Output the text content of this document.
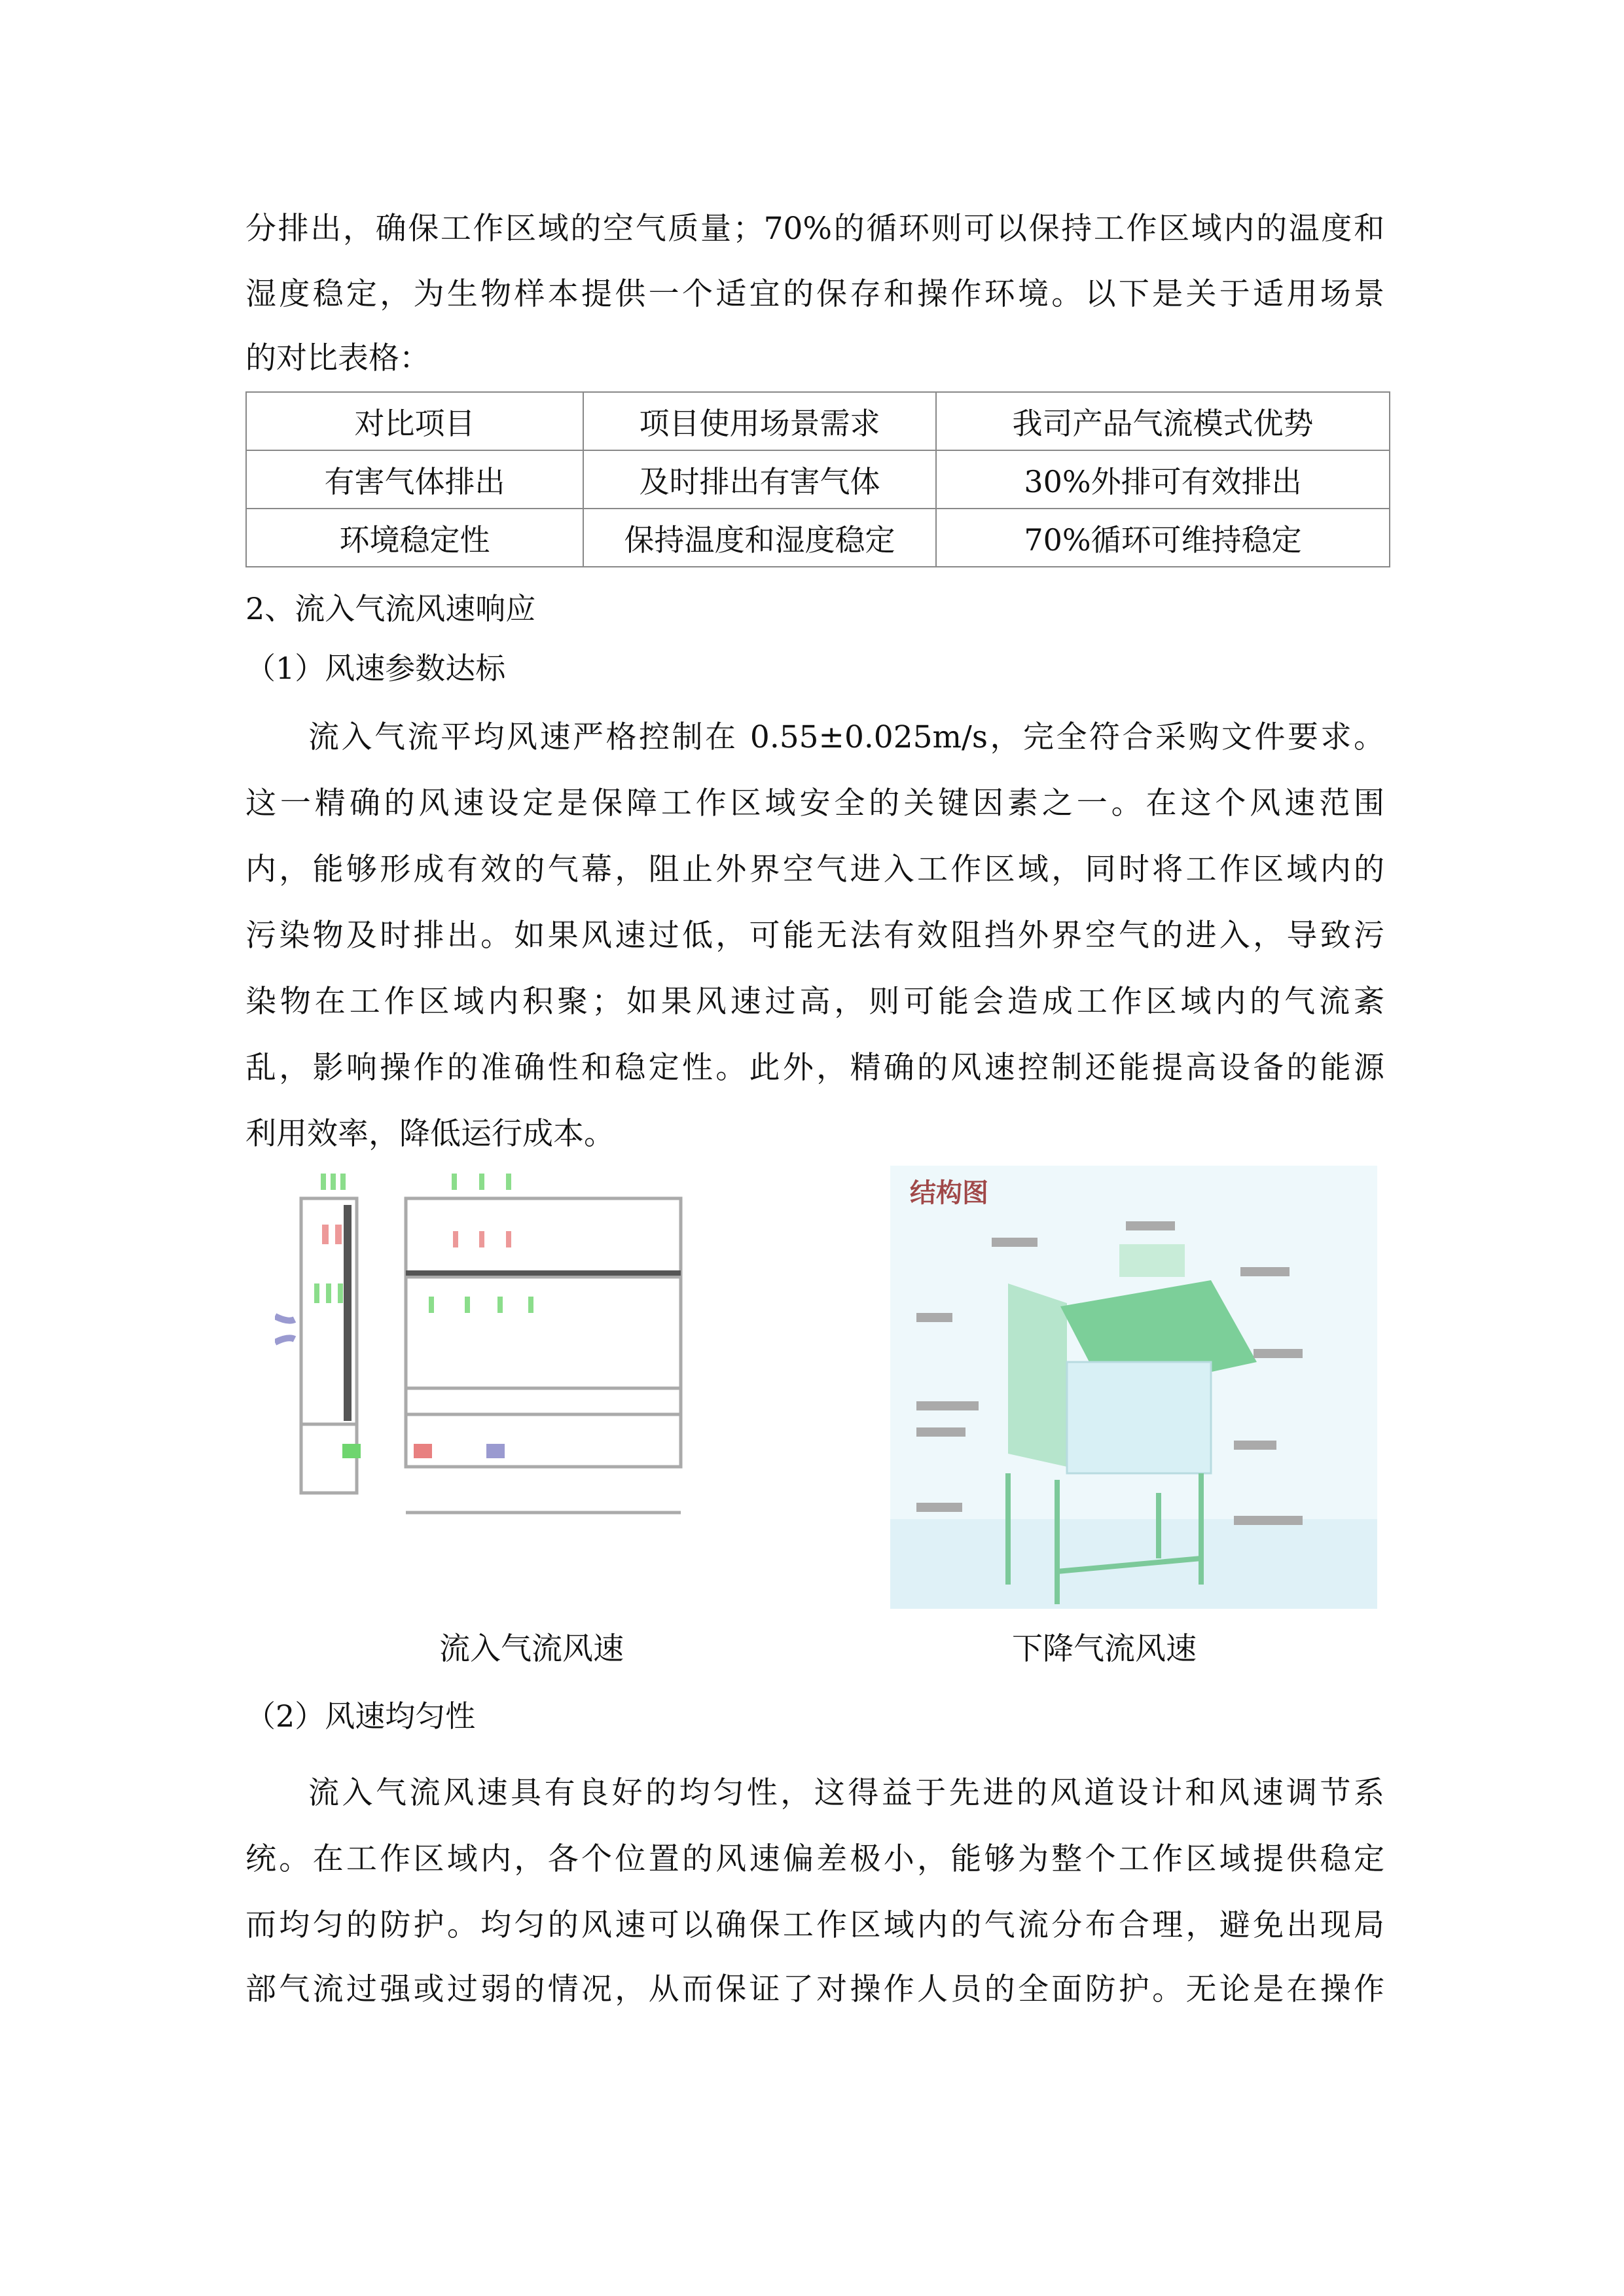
分排出，确保工作区域的空气质量；70%的循环则可以保持工作区域内的温度和
湿度稳定，为生物样本提供一个适宜的保存和操作环境。以下是关于适用场景
的对比表格：
对比项目	项目使用场景需求	我司产品气流模式优势
有害气体排出	及时排出有害气体	30%外排可有效排出
环境稳定性	保持温度和湿度稳定	70%循环可维持稳定
2、流入气流风速响应
（1）风速参数达标
流入气流平均风速严格控制在 0.55±0.025m/s，完全符合采购文件要求。
这一精确的风速设定是保障工作区域安全的关键因素之一。在这个风速范围
内，能够形成有效的气幕，阻止外界空气进入工作区域，同时将工作区域内的
污染物及时排出。如果风速过低，可能无法有效阻挡外界空气的进入，导致污
染物在工作区域内积聚；如果风速过高，则可能会造成工作区域内的气流紊
乱，影响操作的准确性和稳定性。此外，精确的风速控制还能提高设备的能源
利用效率，降低运行成本。
结构图
流入气流风速	下降气流风速
（2）风速均匀性
流入气流风速具有良好的均匀性，这得益于先进的风道设计和风速调节系
统。在工作区域内，各个位置的风速偏差极小，能够为整个工作区域提供稳定
而均匀的防护。均匀的风速可以确保工作区域内的气流分布合理，避免出现局
部气流过强或过弱的情况，从而保证了对操作人员的全面防护。无论是在操作
